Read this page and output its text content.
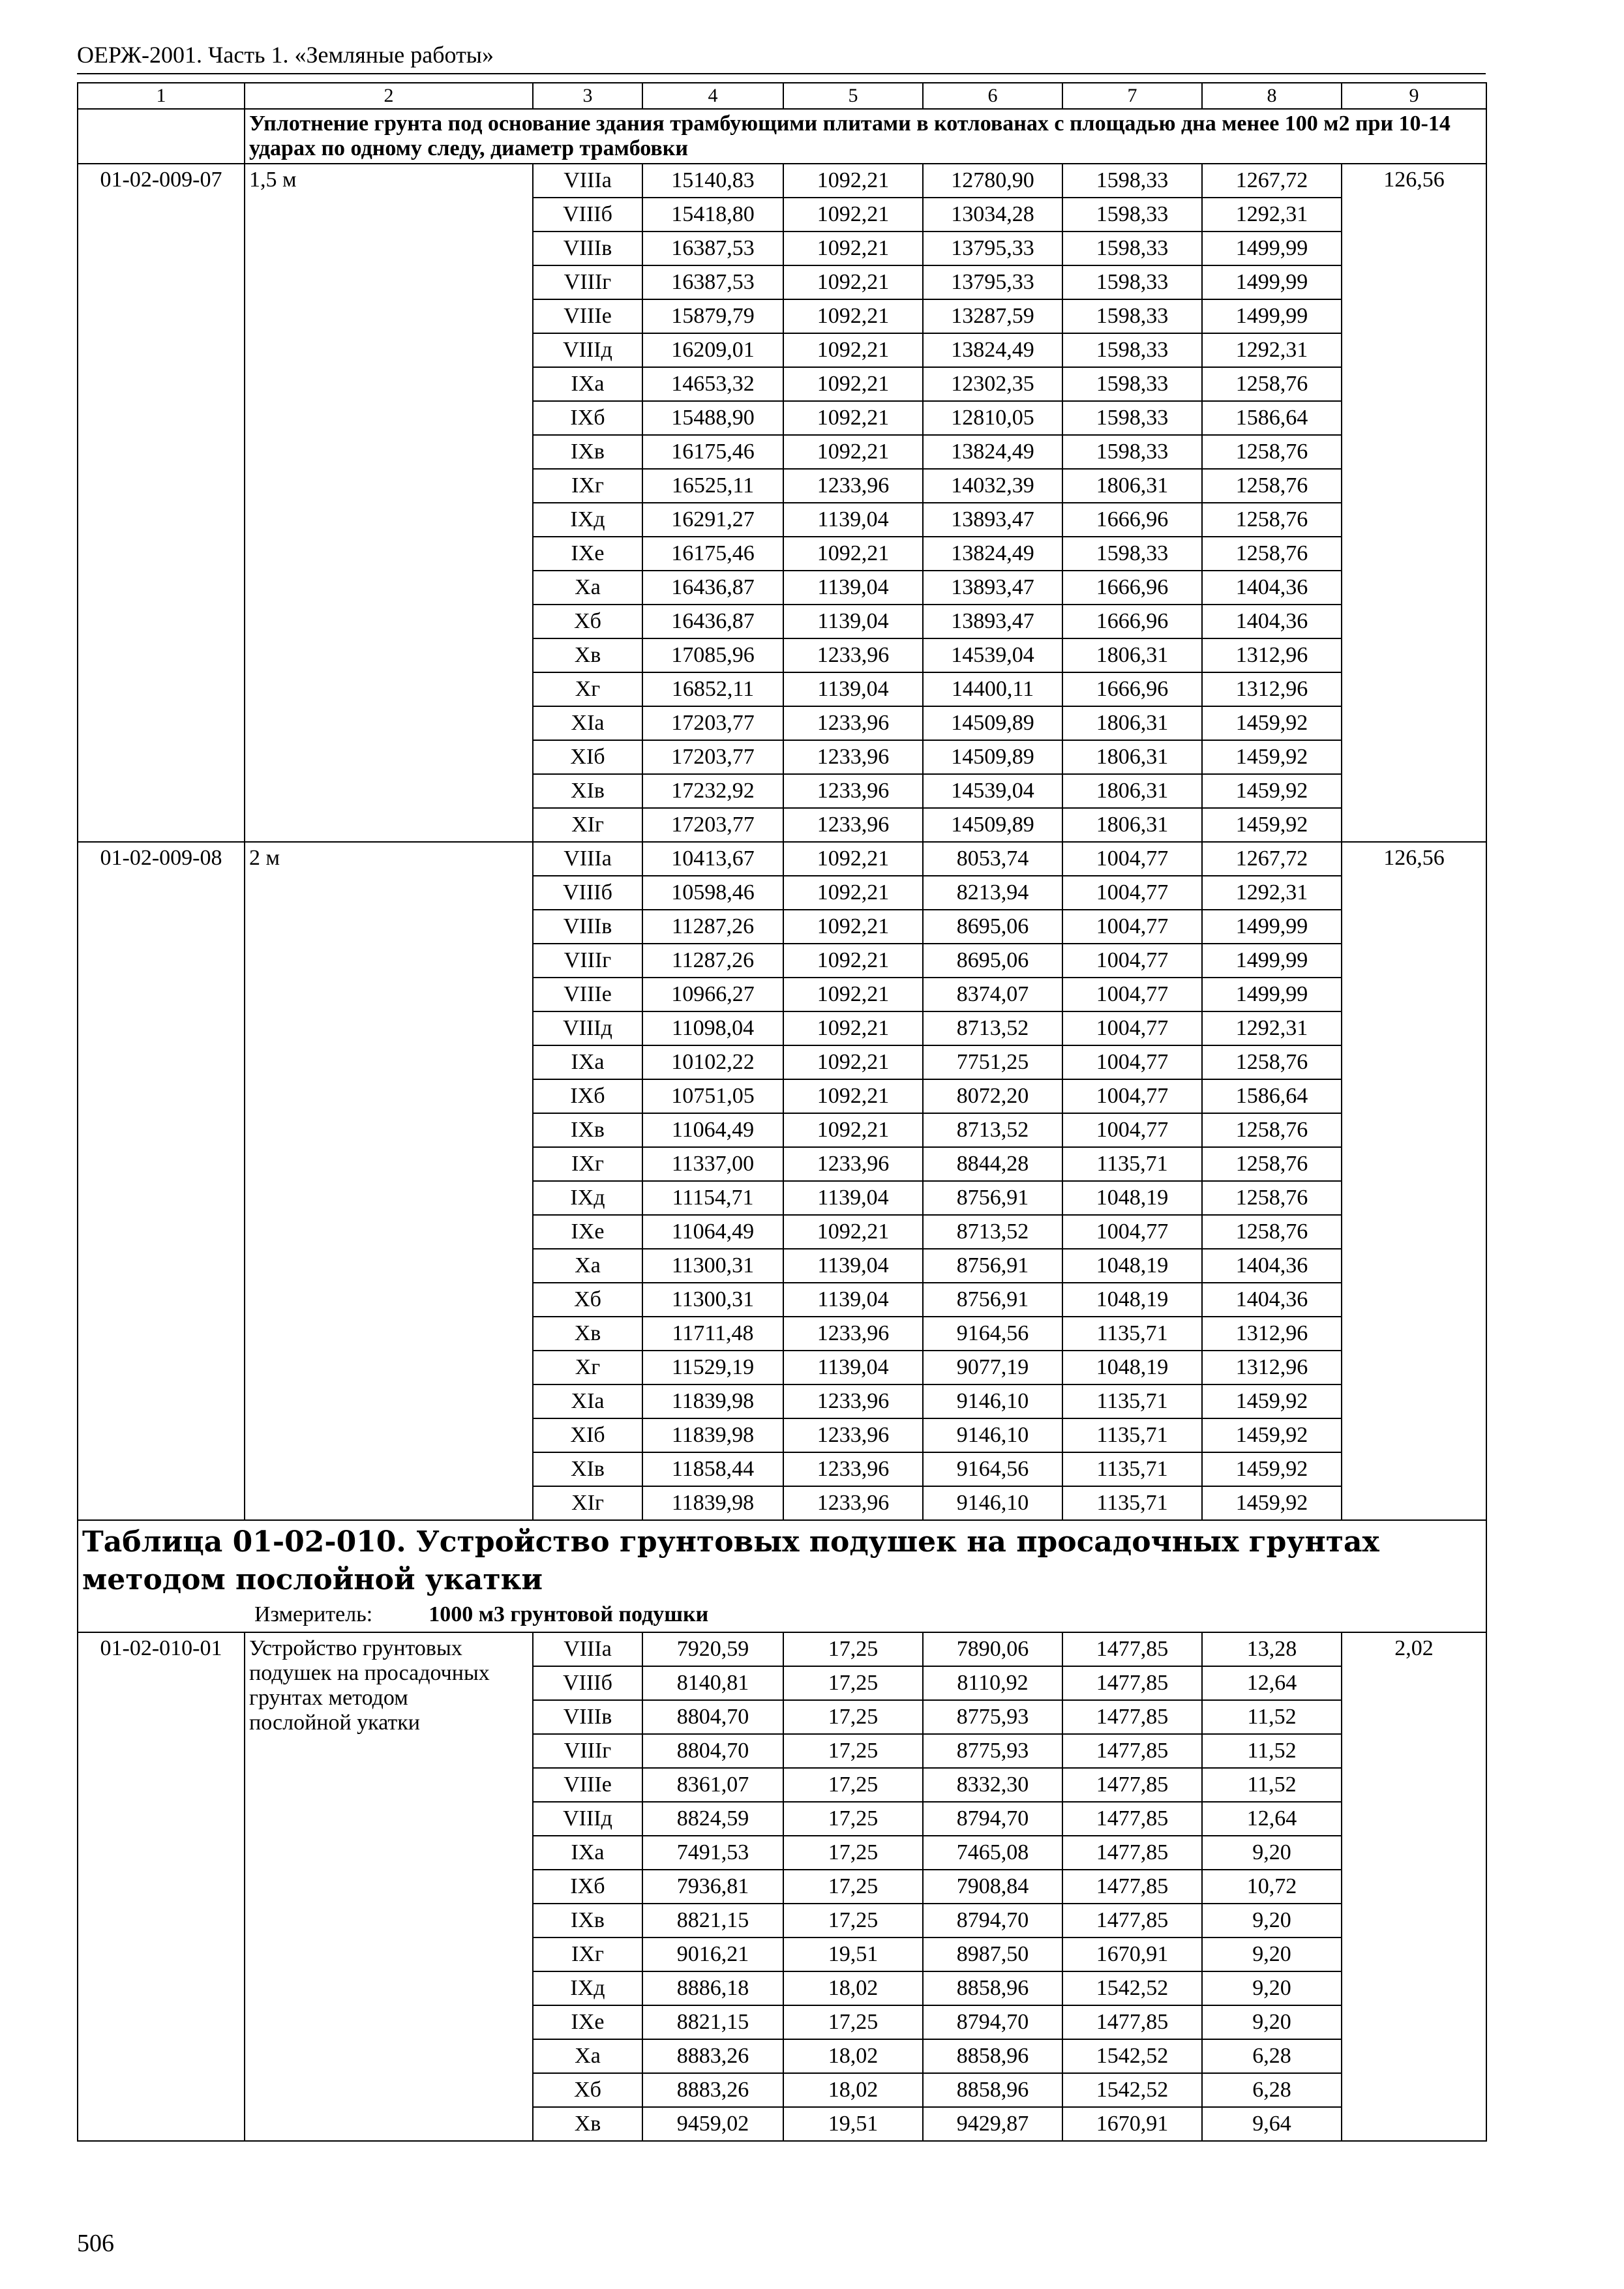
ОЕРЖ-2001. Часть 1. «Земляные работы»
1	2	3	4	5	6	7	8	9
	Уплотнение грунта под основание здания трамбующими плитами в котлованах с площадью дна менее 100 м2 при 10-14 ударах по одному следу, диаметр трамбовки							
01-02-009-07	1,5 м	VIIIа	15140,83	1092,21	12780,90	1598,33	1267,72	126,56
		VIIIб	15418,80	1092,21	13034,28	1598,33	1292,31	
		VIIIв	16387,53	1092,21	13795,33	1598,33	1499,99	
		VIIIг	16387,53	1092,21	13795,33	1598,33	1499,99	
		VIIIе	15879,79	1092,21	13287,59	1598,33	1499,99	
		VIIIд	16209,01	1092,21	13824,49	1598,33	1292,31	
		IXа	14653,32	1092,21	12302,35	1598,33	1258,76	
		IXб	15488,90	1092,21	12810,05	1598,33	1586,64	
		IXв	16175,46	1092,21	13824,49	1598,33	1258,76	
		IXг	16525,11	1233,96	14032,39	1806,31	1258,76	
		IXд	16291,27	1139,04	13893,47	1666,96	1258,76	
		IXе	16175,46	1092,21	13824,49	1598,33	1258,76	
		Xа	16436,87	1139,04	13893,47	1666,96	1404,36	
		Xб	16436,87	1139,04	13893,47	1666,96	1404,36	
		Xв	17085,96	1233,96	14539,04	1806,31	1312,96	
		Xг	16852,11	1139,04	14400,11	1666,96	1312,96	
		XIа	17203,77	1233,96	14509,89	1806,31	1459,92	
		XIб	17203,77	1233,96	14509,89	1806,31	1459,92	
		XIв	17232,92	1233,96	14539,04	1806,31	1459,92	
		XIг	17203,77	1233,96	14509,89	1806,31	1459,92	
01-02-009-08	2 м	VIIIа	10413,67	1092,21	8053,74	1004,77	1267,72	126,56
		VIIIб	10598,46	1092,21	8213,94	1004,77	1292,31	
		VIIIв	11287,26	1092,21	8695,06	1004,77	1499,99	
		VIIIг	11287,26	1092,21	8695,06	1004,77	1499,99	
		VIIIе	10966,27	1092,21	8374,07	1004,77	1499,99	
		VIIIд	11098,04	1092,21	8713,52	1004,77	1292,31	
		IXа	10102,22	1092,21	7751,25	1004,77	1258,76	
		IXб	10751,05	1092,21	8072,20	1004,77	1586,64	
		IXв	11064,49	1092,21	8713,52	1004,77	1258,76	
		IXг	11337,00	1233,96	8844,28	1135,71	1258,76	
		IXд	11154,71	1139,04	8756,91	1048,19	1258,76	
		IXе	11064,49	1092,21	8713,52	1004,77	1258,76	
		Xа	11300,31	1139,04	8756,91	1048,19	1404,36	
		Xб	11300,31	1139,04	8756,91	1048,19	1404,36	
		Xв	11711,48	1233,96	9164,56	1135,71	1312,96	
		Xг	11529,19	1139,04	9077,19	1048,19	1312,96	
		XIа	11839,98	1233,96	9146,10	1135,71	1459,92	
		XIб	11839,98	1233,96	9146,10	1135,71	1459,92	
		XIв	11858,44	1233,96	9164,56	1135,71	1459,92	
		XIг	11839,98	1233,96	9146,10	1135,71	1459,92	

Таблица 01-02-010. Устройство грунтовых подушек на просадочных грунтах методом послойной укатки
Измеритель: 1000 м3 грунтовой подушки								

01-02-010-01	Устройство грунтовых
подушек на просадочных
грунтах методом
послойной укатки	VIIIа	7920,59	17,25	7890,06	1477,85	13,28	2,02
		VIIIб	8140,81	17,25	8110,92	1477,85	12,64	
		VIIIв	8804,70	17,25	8775,93	1477,85	11,52	
		VIIIг	8804,70	17,25	8775,93	1477,85	11,52	
		VIIIе	8361,07	17,25	8332,30	1477,85	11,52	
		VIIIд	8824,59	17,25	8794,70	1477,85	12,64	
		IXа	7491,53	17,25	7465,08	1477,85	9,20	
		IXб	7936,81	17,25	7908,84	1477,85	10,72	
		IXв	8821,15	17,25	8794,70	1477,85	9,20	
		IXг	9016,21	19,51	8987,50	1670,91	9,20	
		IXд	8886,18	18,02	8858,96	1542,52	9,20	
		IXе	8821,15	17,25	8794,70	1477,85	9,20	
		Xа	8883,26	18,02	8858,96	1542,52	6,28	
		Xб	8883,26	18,02	8858,96	1542,52	6,28	
		Xв	9459,02	19,51	9429,87	1670,91	9,64	
506
